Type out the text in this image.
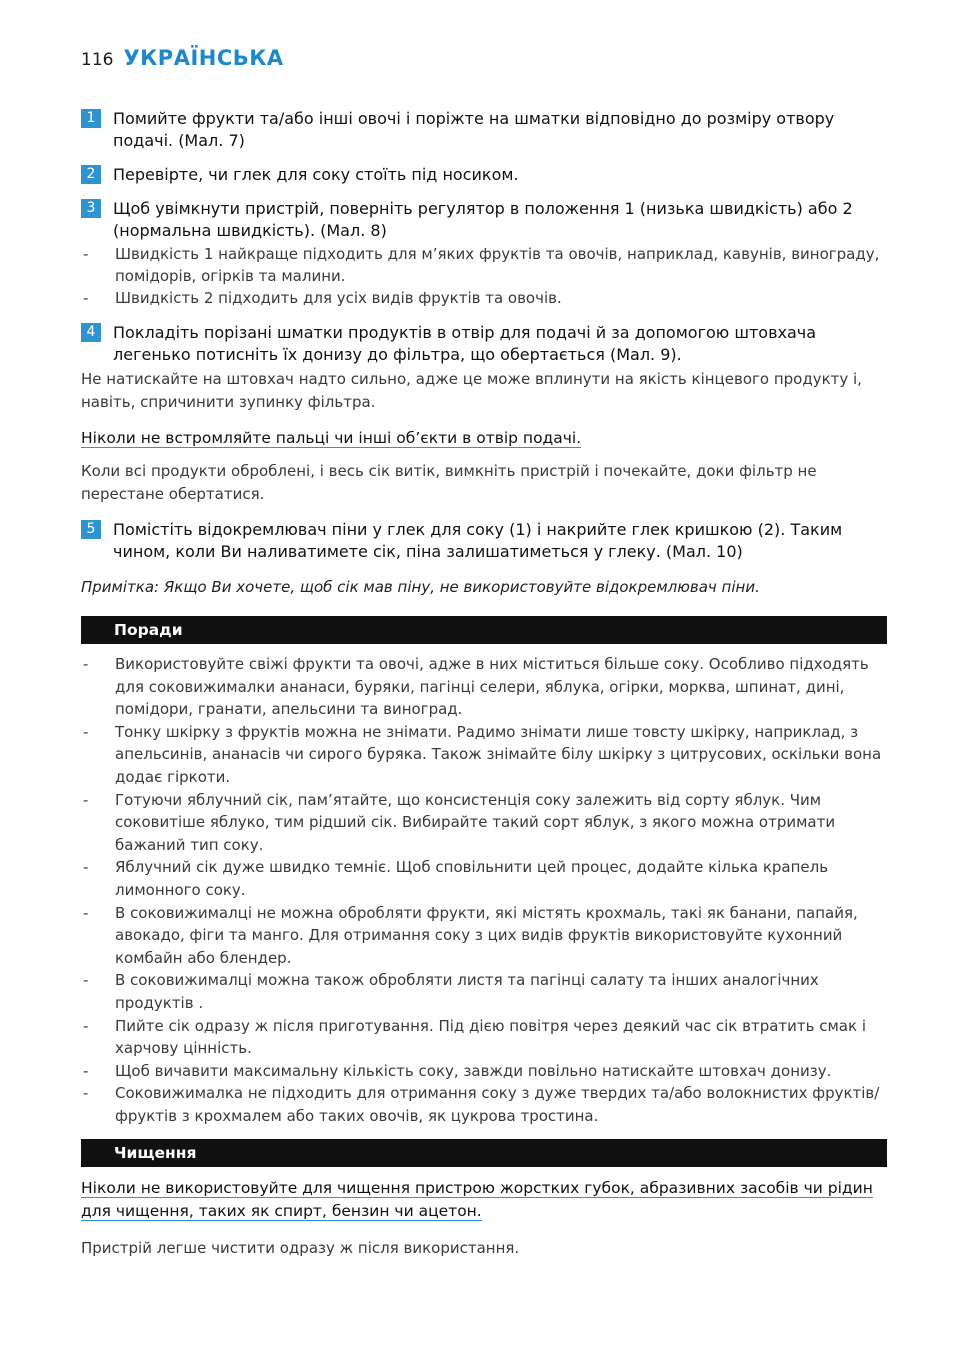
116 УКРАЇНСЬКА
1	Помийте фрукти та/або інші овочі і поріжте на шматки відповідно до розміру отвору подачі. (Мал. 7)
2	Перевірте, чи глек для соку стоїть під носиком.
3	Щоб увімкнути пристрій, поверніть регулятор в положення 1 (низька швидкість) або 2 (нормальна швидкість). (Мал. 8)
-	Швидкість 1 найкраще підходить для м’яких фруктів та овочів, наприклад, кавунів, винограду, помідорів, огірків та малини.
-	Швидкість 2 підходить для усіх видів фруктів та овочів.
4	Покладіть порізані шматки продуктів в отвір для подачі й за допомогою штовхача легенько потисніть їх донизу до фільтра, що обертається (Мал. 9).
Не натискайте на штовхач надто сильно, адже це може вплинути на якість кінцевого продукту і, навіть, спричинити зупинку фільтра.
Ніколи не встромляйте пальці чи інші об’єкти в отвір подачі.
Коли всі продукти оброблені, і весь сік витік, вимкніть пристрій і почекайте, доки фільтр не перестане обертатися.
5	Помістіть відокремлювач піни у глек для соку (1) і накрийте глек кришкою (2). Таким чином, коли Ви наливатимете сік, піна залишатиметься у глеку. (Мал. 10)
Примітка: Якщо Ви хочете, щоб сік мав піну, не використовуйте відокремлювач піни.
Поради
-	Використовуйте свіжі фрукти та овочі, адже в них міститься більше соку. Особливо підходять для соковижималки ананаси, буряки, пагінці селери, яблука, огірки, морква, шпинат, дині, помідори, гранати, апельсини та виноград.
-	Тонку шкірку з фруктів можна не знімати. Радимо знімати лише товсту шкірку, наприклад, з апельсинів, ананасів чи сирого буряка. Також знімайте білу шкірку з цитрусових, оскільки вона додає гіркоти.
-	Готуючи яблучний сік, пам’ятайте, що консистенція соку залежить від сорту яблук. Чим соковитіше яблуко, тим рідший сік. Вибирайте такий сорт яблук, з якого можна отримати бажаний тип соку.
-	Яблучний сік дуже швидко темніє. Щоб сповільнити цей процес, додайте кілька крапель лимонного соку.
-	В соковижималці не можна обробляти фрукти, які містять крохмаль, такі як банани, папайя, авокадо, фіги та манго. Для отримання соку з цих видів фруктів використовуйте кухонний комбайн або блендер.
-	В соковижималці можна також обробляти листя та пагінці салату та інших аналогічних продуктів .
-	Пийте сік одразу ж після приготування. Під дією повітря через деякий час сік втратить смак і харчову цінність.
-	Щоб вичавити максимальну кількість соку, завжди повільно натискайте штовхач донизу.
-	Соковижималка не підходить для отримання соку з дуже твердих та/або волокнистих фруктів/фруктів з крохмалем або таких овочів, як цукрова тростина.
Чищення
Ніколи не використовуйте для чищення пристрою жорстких губок, абразивних засобів чи рідин для чищення, таких як спирт, бензин чи ацетон.
Пристрій легше чистити одразу ж після використання.
